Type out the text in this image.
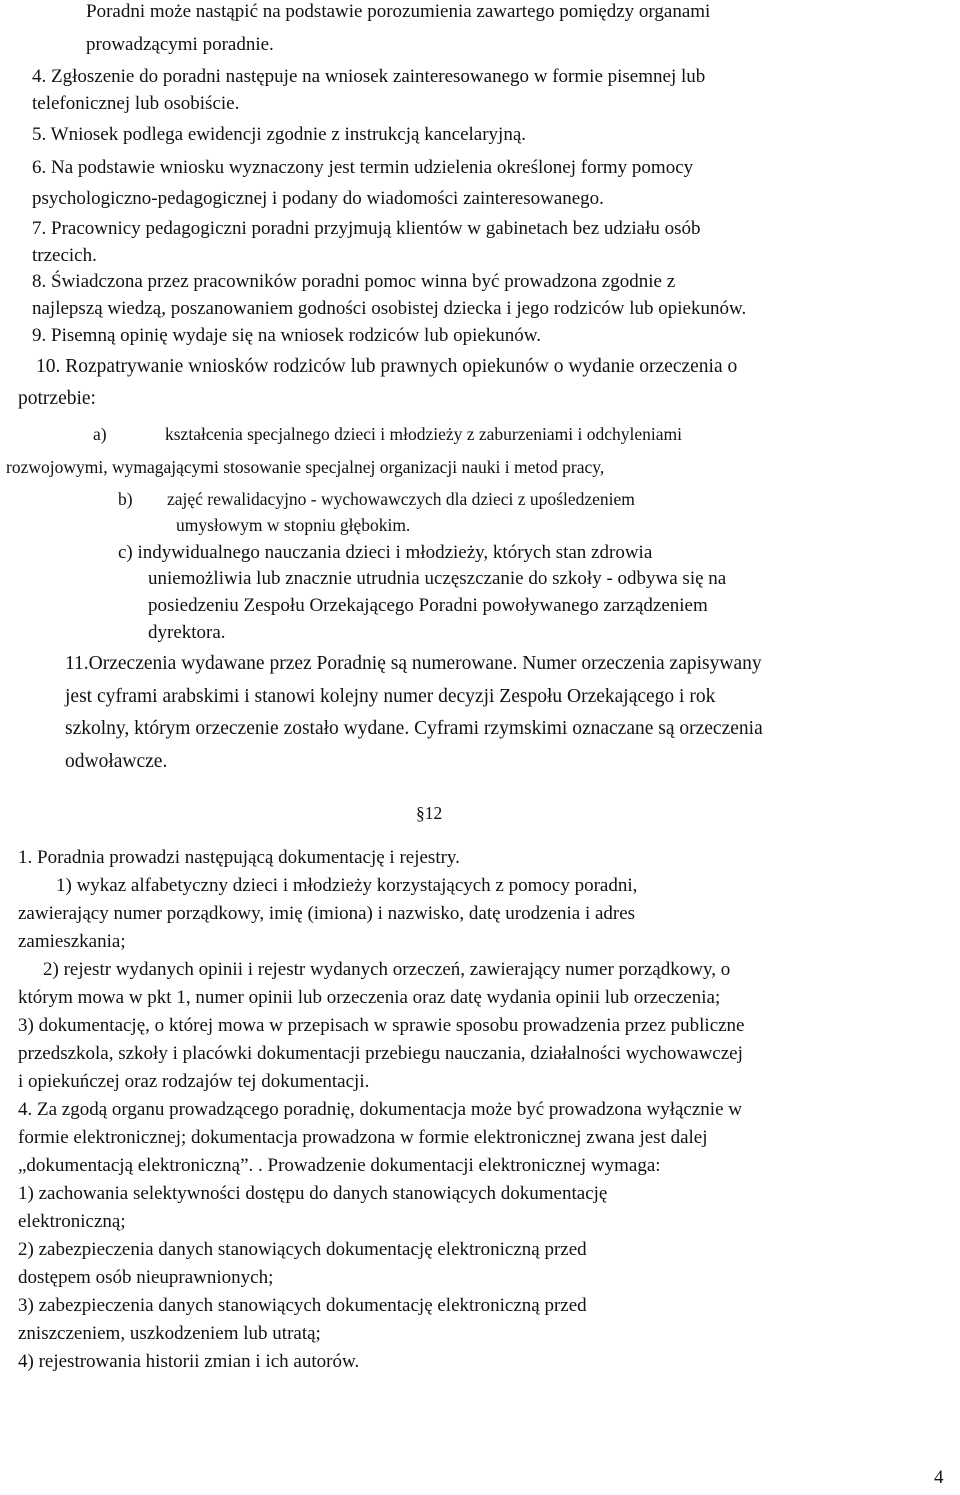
Poradni może nastąpić na podstawie porozumienia zawartego pomiędzy organami
prowadzącymi poradnie.
4. Zgłoszenie do poradni następuje na wniosek zainteresowanego w formie pisemnej lub
telefonicznej lub osobiście.
5. Wniosek podlega ewidencji zgodnie z instrukcją kancelaryjną.
6. Na podstawie wniosku wyznaczony jest termin udzielenia określonej formy pomocy
psychologiczno-pedagogicznej i podany do wiadomości zainteresowanego.
7. Pracownicy pedagogiczni poradni przyjmują klientów w gabinetach bez udziału osób
trzecich.
8. Świadczona przez pracowników poradni pomoc winna być prowadzona zgodnie z
najlepszą wiedzą, poszanowaniem godności osobistej dziecka i jego rodziców lub opiekunów.
9. Pisemną opinię wydaje się na wniosek rodziców lub opiekunów.
10. Rozpatrywanie wniosków rodziców lub prawnych opiekunów o wydanie orzeczenia o
potrzebie:
a)	kształcenia specjalnego dzieci i młodzieży z zaburzeniami i odchyleniami
rozwojowymi, wymagającymi stosowanie specjalnej organizacji nauki i metod pracy,
b) zajęć rewalidacyjno - wychowawczych dla dzieci z upośledzeniem
umysłowym w stopniu głębokim.
c) indywidualnego nauczania dzieci i młodzieży, których stan zdrowia
uniemożliwia lub znacznie utrudnia uczęszczanie do szkoły - odbywa się na
posiedzeniu Zespołu Orzekającego Poradni powoływanego zarządzeniem
dyrektora.
11.Orzeczenia wydawane przez Poradnię są numerowane. Numer orzeczenia zapisywany
jest cyframi arabskimi i stanowi kolejny numer decyzji Zespołu Orzekającego i rok
szkolny, którym orzeczenie zostało wydane. Cyframi rzymskimi oznaczane są orzeczenia
odwoławcze.
§12
1. Poradnia prowadzi następującą dokumentację i rejestry.
1) wykaz alfabetyczny dzieci i młodzieży korzystających z pomocy poradni,
zawierający numer porządkowy, imię (imiona) i nazwisko, datę urodzenia i adres
zamieszkania;
2) rejestr wydanych opinii i rejestr wydanych orzeczeń, zawierający numer porządkowy, o
którym mowa w pkt 1, numer opinii lub orzeczenia oraz datę wydania opinii lub orzeczenia;
3) dokumentację, o której mowa w przepisach w sprawie sposobu prowadzenia przez publiczne
przedszkola, szkoły i placówki dokumentacji przebiegu nauczania, działalności wychowawczej
i opiekuńczej oraz rodzajów tej dokumentacji.
4. Za zgodą organu prowadzącego poradnię, dokumentacja może być prowadzona wyłącznie w
formie elektronicznej; dokumentacja prowadzona w formie elektronicznej zwana jest dalej
„dokumentacją elektroniczną”. . Prowadzenie dokumentacji elektronicznej wymaga:
1) zachowania selektywności dostępu do danych stanowiących dokumentację
elektroniczną;
2) zabezpieczenia danych stanowiących dokumentację elektroniczną przed
dostępem osób nieuprawnionych;
3) zabezpieczenia danych stanowiących dokumentację elektroniczną przed
zniszczeniem, uszkodzeniem lub utratą;
4) rejestrowania historii zmian i ich autorów.
4
